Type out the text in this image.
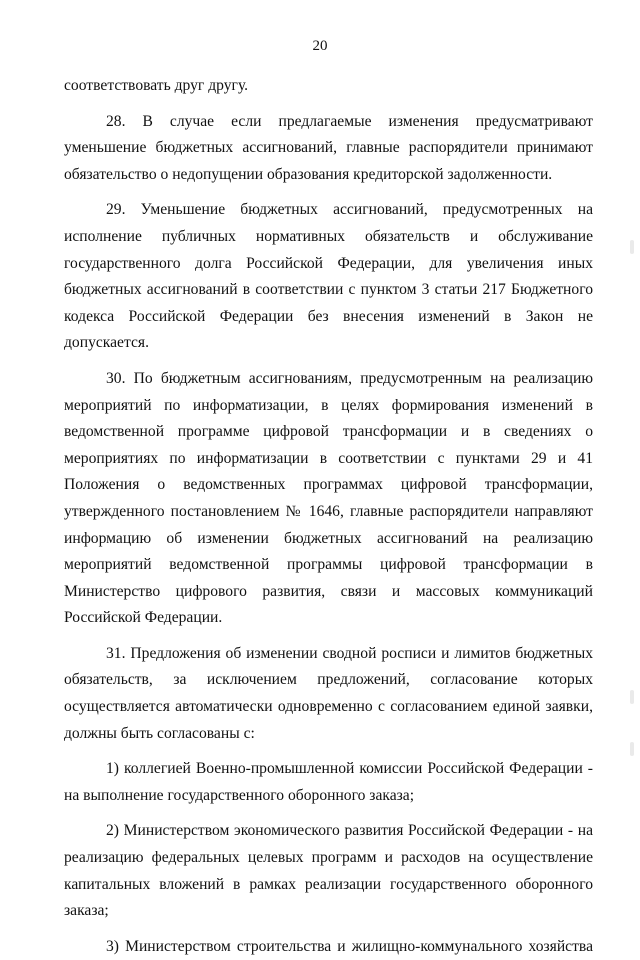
20

соответствовать друг другу.

28. В случае если предлагаемые изменения предусматривают уменьшение бюджетных ассигнований, главные распорядители принимают обязательство о недопущении образования кредиторской задолженности.

29. Уменьшение бюджетных ассигнований, предусмотренных на исполнение публичных нормативных обязательств и обслуживание государственного долга Российской Федерации, для увеличения иных бюджетных ассигнований в соответствии с пунктом 3 статьи 217 Бюджетного кодекса Российской Федерации без внесения изменений в Закон не допускается.

30. По бюджетным ассигнованиям, предусмотренным на реализацию мероприятий по информатизации, в целях формирования изменений в ведомственной программе цифровой трансформации и в сведениях о мероприятиях по информатизации в соответствии с пунктами 29 и 41 Положения о ведомственных программах цифровой трансформации, утвержденного постановлением № 1646, главные распорядители направляют информацию об изменении бюджетных ассигнований на реализацию мероприятий ведомственной программы цифровой трансформации в Министерство цифрового развития, связи и массовых коммуникаций Российской Федерации.

31. Предложения об изменении сводной росписи и лимитов бюджетных обязательств, за исключением предложений, согласование которых осуществляется автоматически одновременно с согласованием единой заявки, должны быть согласованы с:

1) коллегией Военно-промышленной комиссии Российской Федерации - на выполнение государственного оборонного заказа;

2) Министерством экономического развития Российской Федерации - на реализацию федеральных целевых программ и расходов на осуществление капитальных вложений в рамках реализации государственного оборонного заказа;

3) Министерством строительства и жилищно-коммунального хозяйства
